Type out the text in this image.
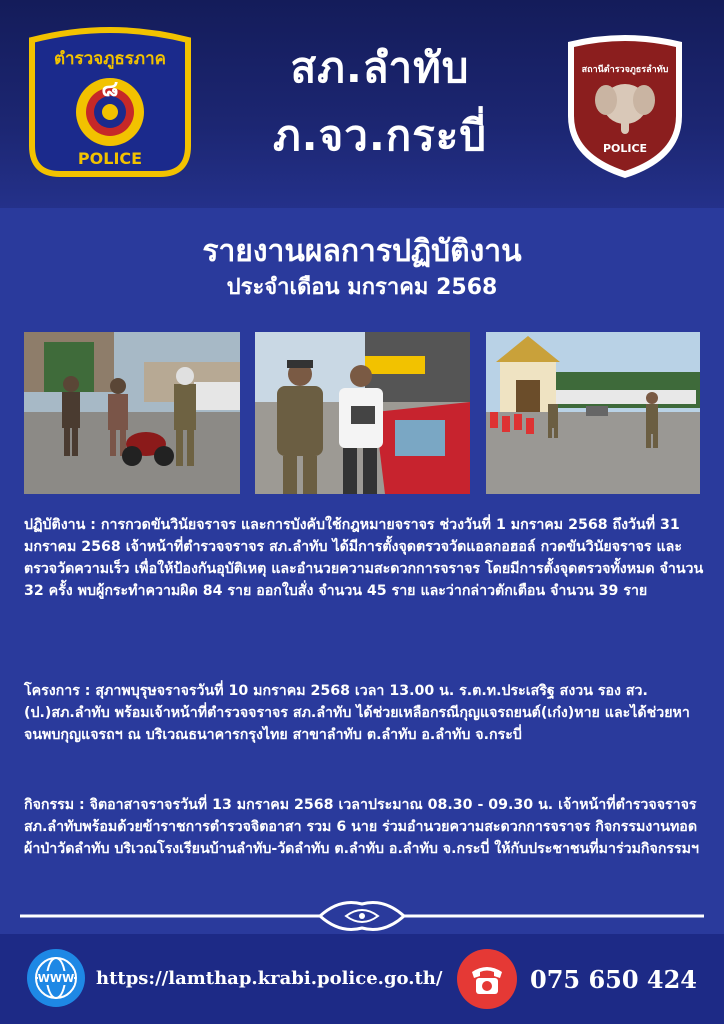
ตำรวจภูธรภาค
๘
POLICE
สภ.ลำทับ
ภ.จว.กระบี่
สถานีตำรวจภูธรลำทับ
POLICE
รายงานผลการปฏิบัติงาน
ประจำเดือน มกราคม 2568

ปฏิบัติงาน : การกวดขันวินัยจราจร และการบังคับใช้กฎหมายจราจร ช่วงวันที่ 1 มกราคม 2568 ถึงวันที่ 31 มกราคม 2568 เจ้าหน้าที่ตำรวจจราจร สภ.ลำทับ ได้มีการตั้งจุดตรวจวัดแอลกอฮอล์ กวดขันวินัยจราจร และตรวจวัดความเร็ว เพื่อให้ป้องกันอุบัติเหตุ และอำนวยความสะดวกการจราจร โดยมีการตั้งจุดตรวจทั้งหมด จำนวน 32 ครั้ง พบผู้กระทำความผิด 84 ราย ออกใบสั่ง จำนวน 45 ราย และว่ากล่าวตักเตือน จำนวน 39 ราย

โครงการ : สุภาพบุรุษจราจรวันที่ 10 มกราคม 2568 เวลา 13.00 น. ร.ต.ท.ประเสริฐ สงวน รอง สว.(ป.)สภ.ลำทับ พร้อมเจ้าหน้าที่ตำรวจจราจร สภ.ลำทับ ได้ช่วยเหลือกรณีกุญแจรถยนต์(เก๋ง)หาย และได้ช่วยหาจนพบกุญแจรถฯ ณ บริเวณธนาคารกรุงไทย สาขาลำทับ ต.ลำทับ อ.ลำทับ จ.กระบี่

กิจกรรม : จิตอาสาจราจรวันที่ 13 มกราคม 2568 เวลาประมาณ 08.30 - 09.30 น. เจ้าหน้าที่ตำรวจจราจร สภ.ลำทับพร้อมด้วยข้าราชการตำรวจจิตอาสา รวม 6 นาย ร่วมอำนวยความสะดวกการจราจร กิจกรรมงานทอดผ้าป่าวัดลำทับ บริเวณโรงเรียนบ้านลำทับ-วัดลำทับ ต.ลำทับ อ.ลำทับ จ.กระบี่ ให้กับประชาชนที่มาร่วมกิจกรรมฯ

WWW https://lamthap.krabi.police.go.th/	075 650 424
